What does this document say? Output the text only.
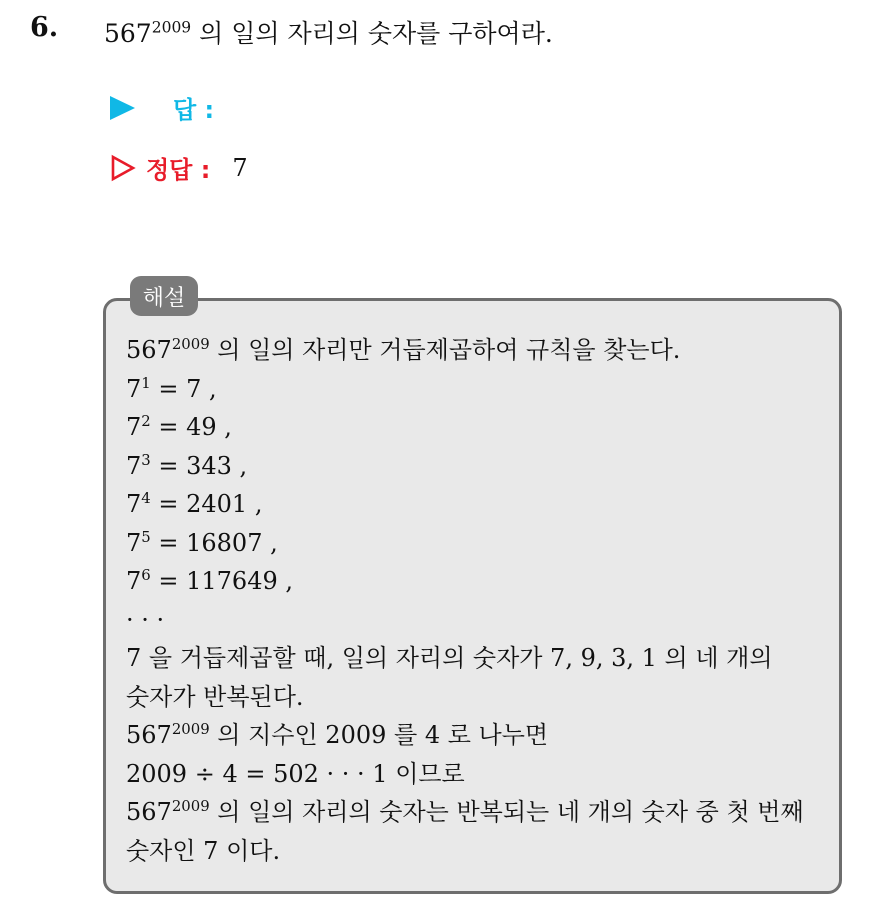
6. $567^{2009}$ 의 일의 자리의 숫자를 구하여라.
답 :
정답 : 7
해설
$567^{2009}$ 의 일의 자리만 거듭제곱하여 규칙을 찾는다.
$7^1 = 7$ ,
$7^2 = 49$ ,
$7^3 = 343$ ,
$7^4 = 2401$ ,
$7^5 = 16807$ ,
$7^6 = 117649$ ,
· · ·
7 을 거듭제곱할 때, 일의 자리의 숫자가 7, 9, 3, 1 의 네 개의
숫자가 반복된다.
$567^{2009}$ 의 지수인 2009 를 4 로 나누면
2009 ÷ 4 = 502 · · · 1 이므로
$567^{2009}$ 의 일의 자리의 숫자는 반복되는 네 개의 숫자 중 첫 번째
숫자인 7 이다.
